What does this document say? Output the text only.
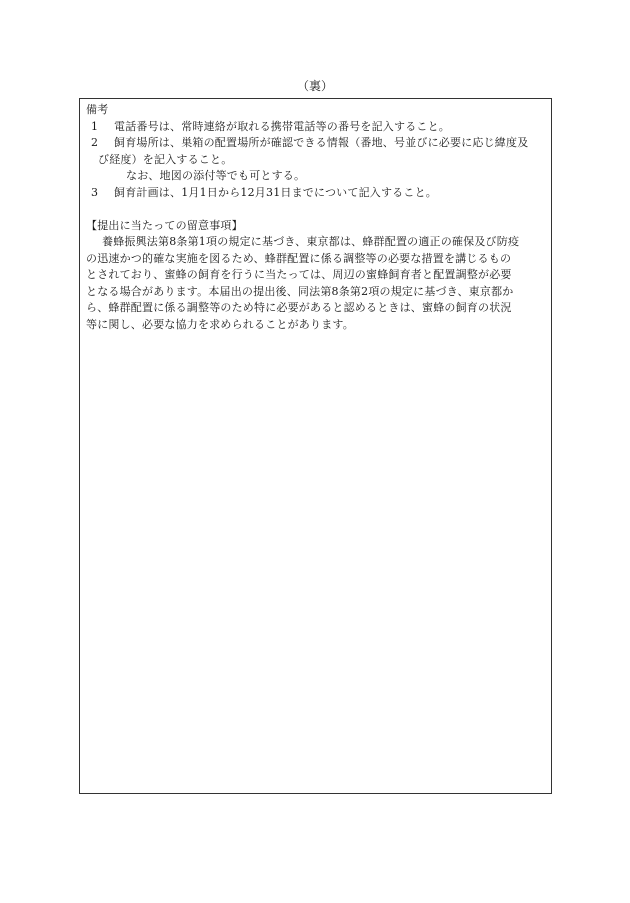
（裏）

備考

1 電話番号は、常時連絡が取れる携帯電話等の番号を記入すること。

2 飼育場所は、巣箱の配置場所が確認できる情報（番地、号並びに必要に応じ緯度及

び経度）を記入すること。

なお、地図の添付等でも可とする。

3 飼育計画は、1月1日から12月31日までについて記入すること。

【提出に当たっての留意事項】

養蜂振興法第8条第1項の規定に基づき、東京都は、蜂群配置の適正の確保及び防疫

の迅速かつ的確な実施を図るため、蜂群配置に係る調整等の必要な措置を講じるもの

とされており、蜜蜂の飼育を行うに当たっては、周辺の蜜蜂飼育者と配置調整が必要

となる場合があります。本届出の提出後、同法第8条第2項の規定に基づき、東京都か

ら、蜂群配置に係る調整等のため特に必要があると認めるときは、蜜蜂の飼育の状況

等に関し、必要な協力を求められることがあります。
